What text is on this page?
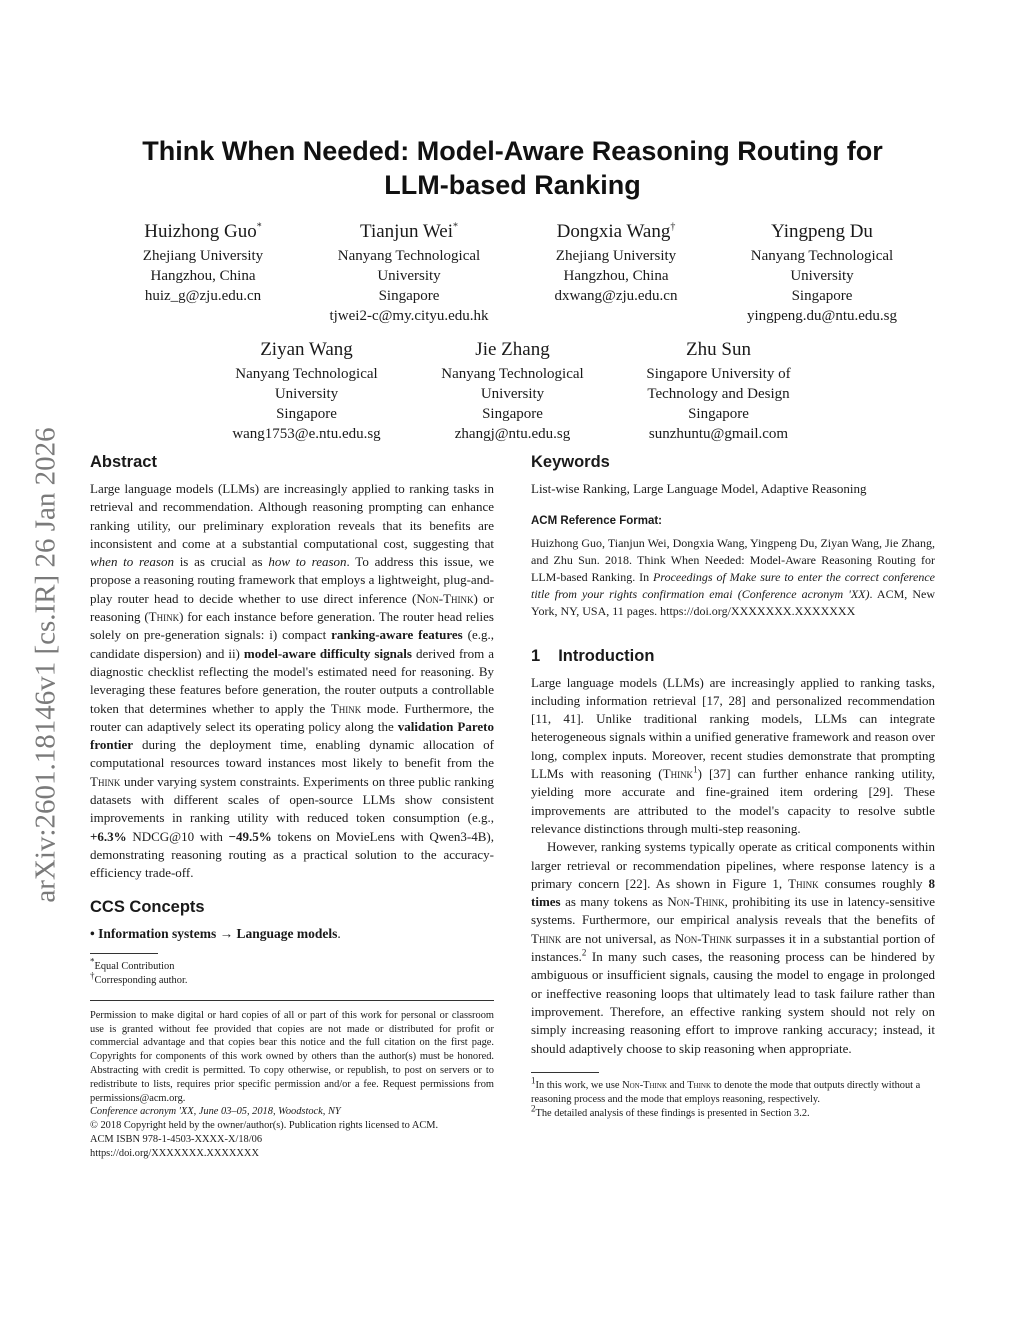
arXiv:2601.18146v1 [cs.IR] 26 Jan 2026
Think When Needed: Model-Aware Reasoning Routing for
LLM-based Ranking
Huizhong Guo*
Zhejiang University
Hangzhou, China
huiz_g@zju.edu.cn
Tianjun Wei*
Nanyang Technological
University
Singapore
tjwei2-c@my.cityu.edu.hk
Dongxia Wang†
Zhejiang University
Hangzhou, China
dxwang@zju.edu.cn
Yingpeng Du
Nanyang Technological
University
Singapore
yingpeng.du@ntu.edu.sg
Ziyan Wang
Nanyang Technological
University
Singapore
wang1753@e.ntu.edu.sg
Jie Zhang
Nanyang Technological
University
Singapore
zhangj@ntu.edu.sg
Zhu Sun
Singapore University of
Technology and Design
Singapore
sunzhuntu@gmail.com
Abstract

Large language models (LLMs) are increasingly applied to ranking tasks in retrieval and recommendation. Although reasoning prompting can enhance ranking utility, our preliminary exploration reveals that its benefits are inconsistent and come at a substantial computational cost, suggesting that when to reason is as crucial as how to reason. To address this issue, we propose a reasoning routing framework that employs a lightweight, plug-and-play router head to decide whether to use direct inference (Non-Think) or reasoning (Think) for each instance before generation. The router head relies solely on pre-generation signals: i) compact ranking-aware features (e.g., candidate dispersion) and ii) model-aware difficulty signals derived from a diagnostic checklist reflecting the model's estimated need for reasoning. By leveraging these features before generation, the router outputs a controllable token that determines whether to apply the Think mode. Furthermore, the router can adaptively select its operating policy along the validation Pareto frontier during the deployment time, enabling dynamic allocation of computational resources toward instances most likely to benefit from the Think under varying system constraints. Experiments on three public ranking datasets with different scales of open-source LLMs show consistent improvements in ranking utility with reduced token consumption (e.g., +6.3% NDCG@10 with −49.5% tokens on MovieLens with Qwen3-4B), demonstrating reasoning routing as a practical solution to the accuracy-efficiency trade-off.

CCS Concepts
• Information systems → Language models.
*Equal Contribution
†Corresponding author.
Permission to make digital or hard copies of all or part of this work for personal or classroom use is granted without fee provided that copies are not made or distributed for profit or commercial advantage and that copies bear this notice and the full citation on the first page. Copyrights for components of this work owned by others than the author(s) must be honored. Abstracting with credit is permitted. To copy otherwise, or republish, to post on servers or to redistribute to lists, requires prior specific permission and/or a fee. Request permissions from permissions@acm.org.
Conference acronym 'XX, June 03–05, 2018, Woodstock, NY
© 2018 Copyright held by the owner/author(s). Publication rights licensed to ACM.
ACM ISBN 978-1-4503-XXXX-X/18/06
https://doi.org/XXXXXXX.XXXXXXX
Keywords

List-wise Ranking, Large Language Model, Adaptive Reasoning

ACM Reference Format:
Huizhong Guo, Tianjun Wei, Dongxia Wang, Yingpeng Du, Ziyan Wang, Jie Zhang, and Zhu Sun. 2018. Think When Needed: Model-Aware Reasoning Routing for LLM-based Ranking. In Proceedings of Make sure to enter the correct conference title from your rights confirmation emai (Conference acronym 'XX). ACM, New York, NY, USA, 11 pages. https://doi.org/XXXXXXX.XXXXXXX
1 Introduction

Large language models (LLMs) are increasingly applied to ranking tasks, including information retrieval [17, 28] and personalized recommendation [11, 41]. Unlike traditional ranking models, LLMs can integrate heterogeneous signals within a unified generative framework and reason over long, complex inputs. Moreover, recent studies demonstrate that prompting LLMs with reasoning (Think$^1$) [37] can further enhance ranking utility, yielding more accurate and fine-grained item ordering [29]. These improvements are attributed to the model's capacity to resolve subtle relevance distinctions through multi-step reasoning.

However, ranking systems typically operate as critical components within larger retrieval or recommendation pipelines, where response latency is a primary concern [22]. As shown in Figure 1, Think consumes roughly 8 times as many tokens as Non-Think, prohibiting its use in latency-sensitive systems. Furthermore, our empirical analysis reveals that the benefits of Think are not universal, as Non-Think surpasses it in a substantial portion of instances.$^2$ In many such cases, the reasoning process can be hindered by ambiguous or insufficient signals, causing the model to engage in prolonged or ineffective reasoning loops that ultimately lead to task failure rather than improvement. Therefore, an effective ranking system should not rely on simply increasing reasoning effort to improve ranking accuracy; instead, it should adaptively choose to skip reasoning when appropriate.

$^1$In this work, we use Non-Think and Think to denote the mode that outputs directly without a reasoning process and the mode that employs reasoning, respectively.
$^2$The detailed analysis of these findings is presented in Section 3.2.
